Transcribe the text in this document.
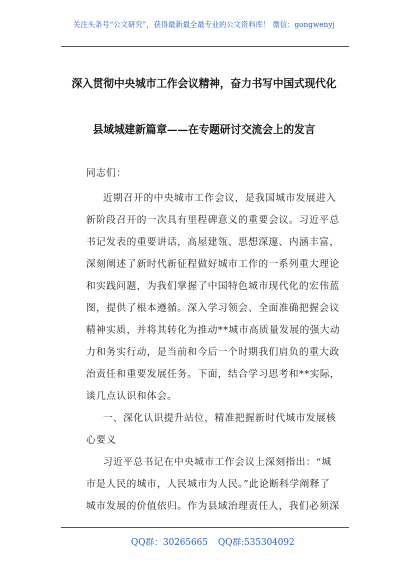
关注头条号“公文研究”，获得最新最全最专业的公文资料库！ 微信：gongwenyj
深入贯彻中央城市工作会议精神，奋力书写中国式现代化
县域城建新篇章——在专题研讨交流会上的发言
同志们：
近期召开的中央城市工作会议，是我国城市发展进入
新阶段召开的一次具有里程碑意义的重要会议。习近平总
书记发表的重要讲话，高屋建瓴、思想深邃、内涵丰富，
深刻阐述了新时代新征程做好城市工作的一系列重大理论
和实践问题，为我们掌握了中国特色城市现代化的宏伟蓝
图，提供了根本遵循。深入学习领会、全面准确把握会议
精神实质，并将其转化为推动**城市高质量发展的强大动
力和务实行动，是当前和今后一个时期我们肩负的重大政
治责任和重要发展任务。下面，结合学习思考和**实际，
谈几点认识和体会。
一、深化认识提升站位，精准把握新时代城市发展核
心要义
习近平总书记在中央城市工作会议上深刻指出：“城
市是人民的城市，人民城市为人民。”此论断科学阐释了
城市发展的价值依归。作为县域治理责任人，我们必须深
QQ群：30265665 QQ群:535304092
